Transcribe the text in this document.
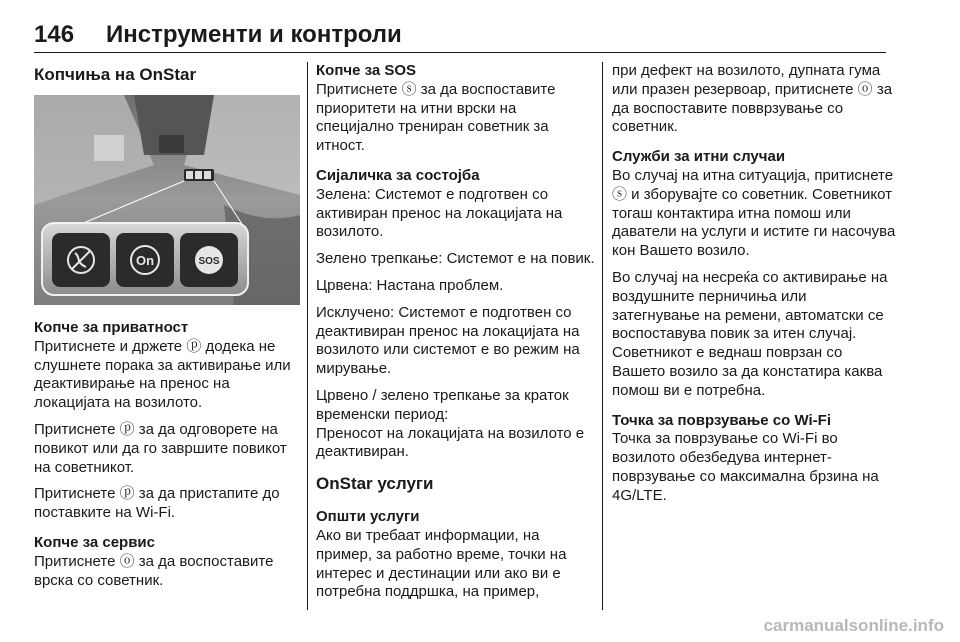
146 Инструменти и контроли
Копчиња на OnStar
On	SOS
Копче за приватност

Притиснете и држете ⓟ додека не слушнете порака за активирање или деактивирање на пренос на локацијата на возилото.

Притиснете ⓟ за да одговорете на повикот или да го завршите повикот на советникот.

Притиснете ⓟ за да пристапите до поставките на Wi-Fi.

Копче за сервис

Притиснете ⓞ за да воспоставите врска со советник.

Копче за SOS

Притиснете ⓢ за да воспоставите приоритети на итни врски на специјално трениран советник за итност.

Сијаличка за состојба

Зелена: Системот е подготвен со активиран пренос на локацијата на возилото.

Зелено трепкање: Системот е на повик.

Црвена: Настана проблем.

Исклучено: Системот е подготвен со деактивиран пренос на локацијата на возилото или системот е во режим на мирување.

Црвено / зелено трепкање за краток временски период:

Преносот на локацијата на возилото е деактивиран.

OnStar услуги
Општи услуги

Ако ви требаат информации, на пример, за работно време, точки на интерес и дестинации или ако ви е потребна поддршка, на пример,

при дефект на возилото, дупната гума или празен резервоар, притиснете ⓞ за да воспоставите повврзување со советник.

Служби за итни случаи

Во случај на итна ситуација, притиснете ⓢ и зборувајте со советник. Советникот тогаш контактира итна помош или даватели на услуги и истите ги насочува кон Вашето возило.

Во случај на несреќа со активирање на воздушните перничиња или затегнување на ремени, автоматски се воспоставува повик за итен случај. Советникот е веднаш поврзан со Вашето возило за да констатира каква помош ви е потребна.

Точка за поврзување со Wi-Fi

Точка за поврзување со Wi-Fi во возилото обезбедува интернет-поврзување со максимална брзина на 4G/LTE.

carmanualsonline.info
